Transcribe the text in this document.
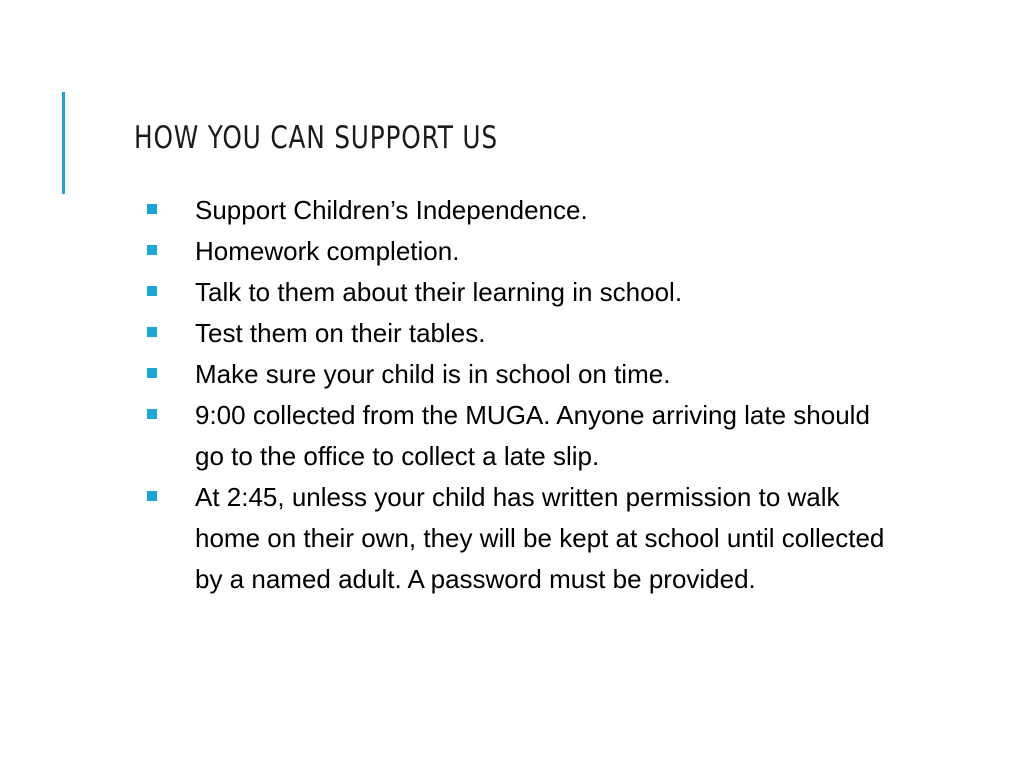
HOW YOU CAN SUPPORT US
Support Children’s Independence.
Homework completion.
Talk to them about their learning in school.
Test them on their tables.
Make sure your child is in school on time.
9:00 collected from the MUGA. Anyone arriving late should go to the office to collect a late slip.
At 2:45, unless your child has written permission to walk home on their own, they will be kept at school until collected by a named adult. A password must be provided.
